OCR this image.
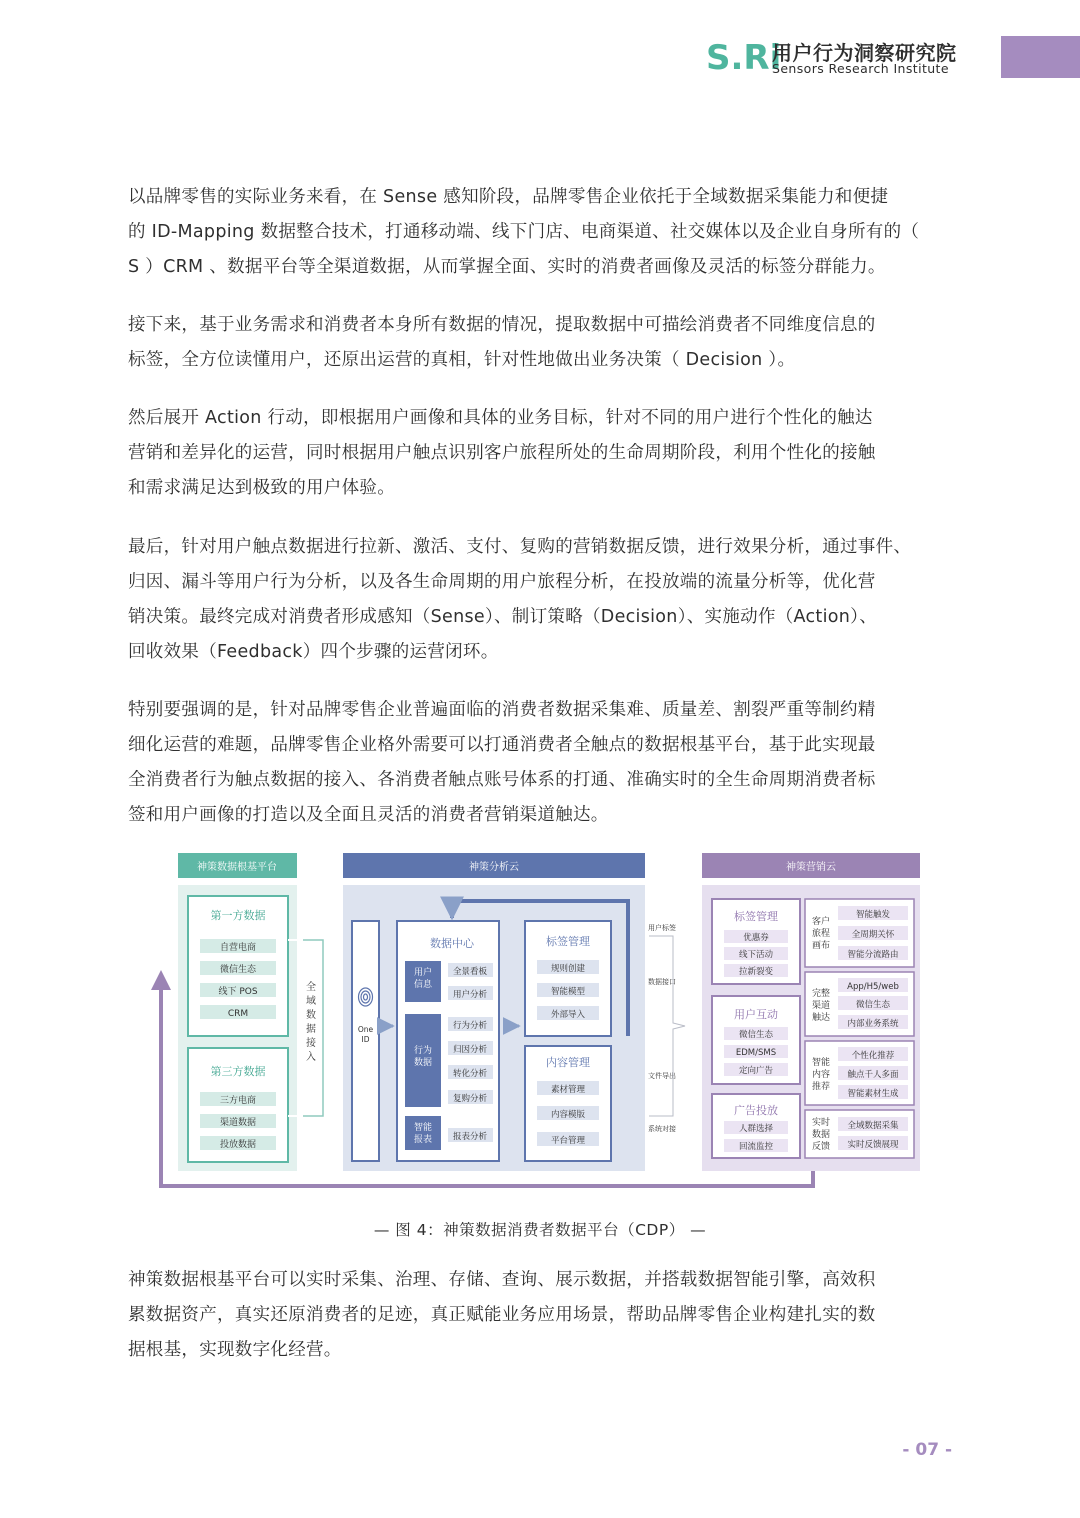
S.Ri
用户行为洞察研究院
Sensors Research Institute
以品牌零售的实际业务来看，在 Sense 感知阶段，品牌零售企业依托于全域数据采集能力和便捷
的 ID-Mapping 数据整合技术，打通移动端、线下门店、电商渠道、社交媒体以及企业自身所有的（
S ）CRM 、数据平台等全渠道数据，从而掌握全面、实时的消费者画像及灵活的标签分群能力。
接下来，基于业务需求和消费者本身所有数据的情况，提取数据中可描绘消费者不同维度信息的
标签，全方位读懂用户，还原出运营的真相，针对性地做出业务决策（ Decision ）。
然后展开 Action 行动，即根据用户画像和具体的业务目标，针对不同的用户进行个性化的触达
营销和差异化的运营，同时根据用户触点识别客户旅程所处的生命周期阶段，利用个性化的接触
和需求满足达到极致的用户体验。
最后，针对用户触点数据进行拉新、激活、支付、复购的营销数据反馈，进行效果分析，通过事件、
归因、漏斗等用户行为分析，以及各生命周期的用户旅程分析，在投放端的流量分析等，优化营
销决策。最终完成对消费者形成感知（Sense）、制订策略（Decision）、实施动作（Action）、
回收效果（Feedback）四个步骤的运营闭环。
特别要强调的是，针对品牌零售企业普遍面临的消费者数据采集难、质量差、割裂严重等制约精
细化运营的难题，品牌零售企业格外需要可以打通消费者全触点的数据根基平台，基于此实现最
全消费者行为触点数据的接入、各消费者触点账号体系的打通、准确实时的全生命周期消费者标
签和用户画像的打造以及全面且灵活的消费者营销渠道触达。
神策数据根基平台
第一方数据
自营电商
微信生态
线下 POS
CRM
第三方数据
三方电商
渠道数据
投放数据
全
域
数
据
接
入
神策分析云
One
ID
数据中心
用户
信息
全景看板
用户分析
行为
数据
行为分析
归因分析
转化分析
复购分析
智能
报表 报表分析
标签管理
规则创建
智能模型
外部导入
内容管理
素材管理
内容模版
平台管理
用户标签
数据接口
文件导出
系统对接
神策营销云
标签管理
优惠券
线下活动
拉新裂变
用户互动
微信生态
EDM/SMS
定向广告
广告投放
人群选择
回流监控
客户
旅程
画布
智能触发
全周期关怀
智能分流路由
完整
渠道
触达
App/H5/web
微信生态
内部业务系统
智能
内容
推荐
个性化推荐
触点千人多面
智能素材生成
实时
数据
反馈
全域数据采集
实时反馈展现
— 图 4：神策数据消费者数据平台（CDP） —
神策数据根基平台可以实时采集、治理、存储、查询、展示数据，并搭载数据智能引擎，高效积
累数据资产，真实还原消费者的足迹，真正赋能业务应用场景，帮助品牌零售企业构建扎实的数
据根基，实现数字化经营。
- 07 -
